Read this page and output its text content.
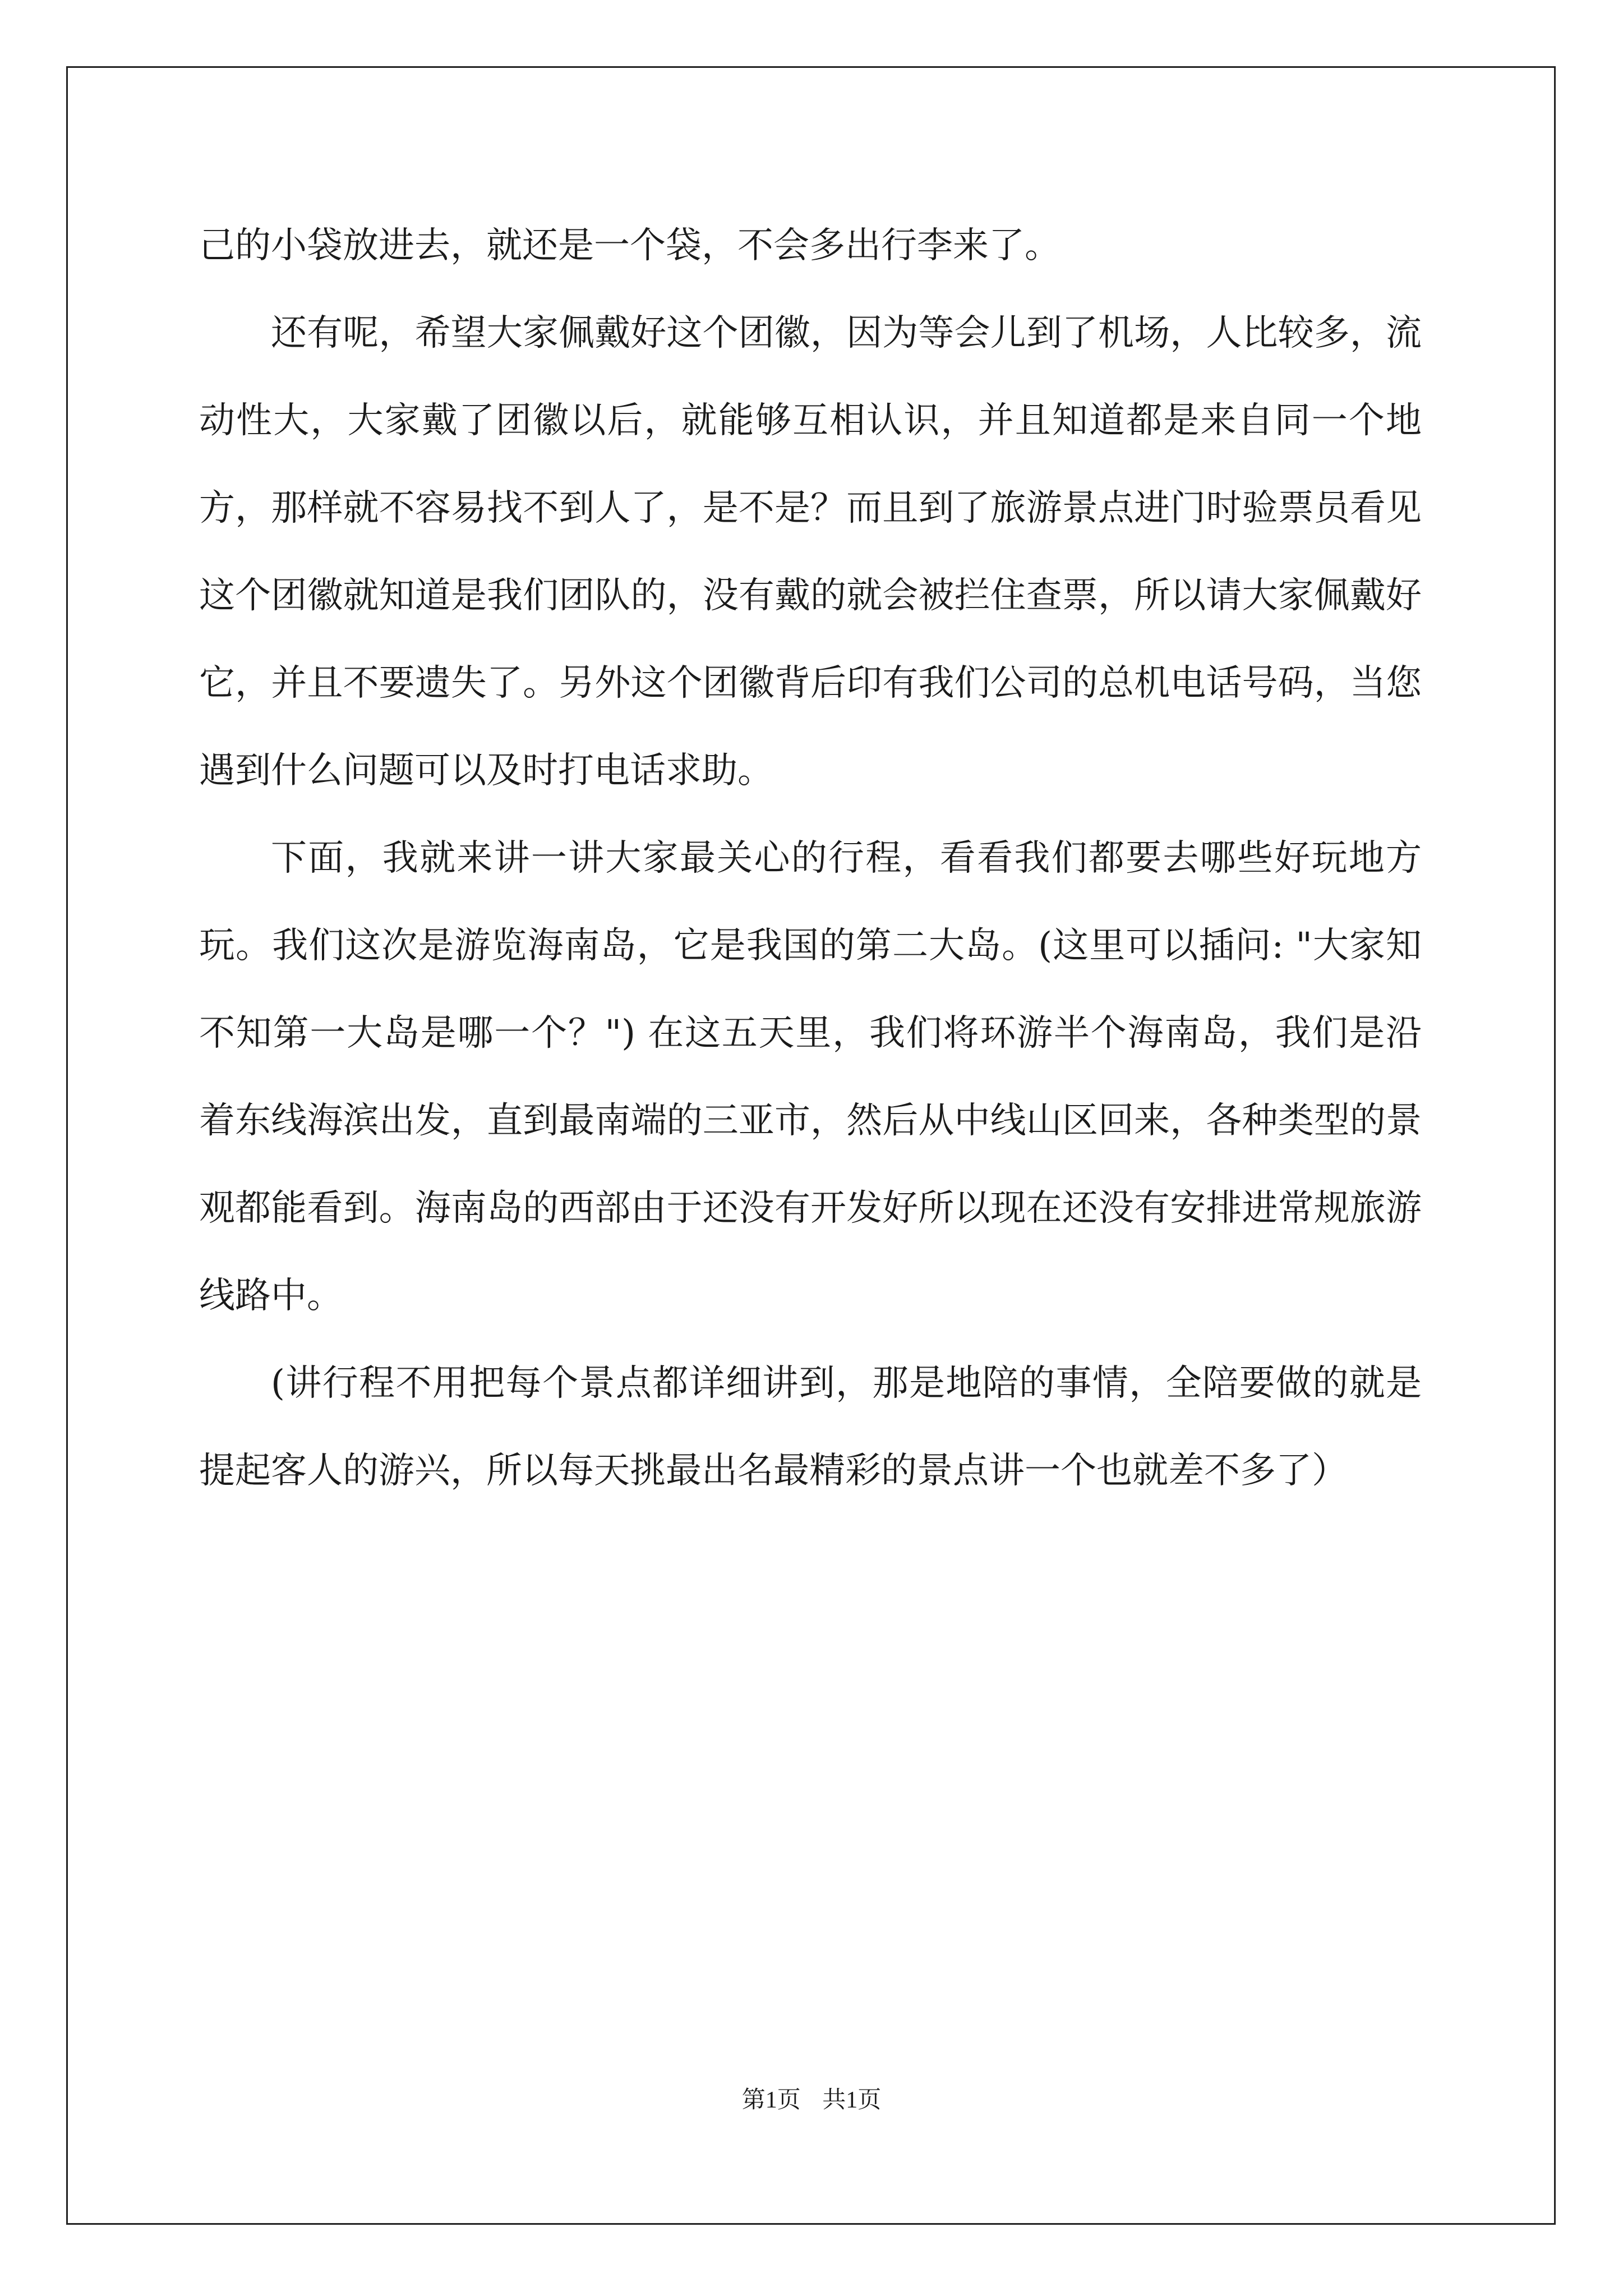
己的小袋放进去，就还是一个袋，不会多出行李来了。

还有呢，希望大家佩戴好这个团徽，因为等会儿到了机场，人比较多，流动性大，大家戴了团徽以后，就能够互相认识，并且知道都是来自同一个地方，那样就不容易找不到人了，是不是？而且到了旅游景点进门时验票员看见这个团徽就知道是我们团队的，没有戴的就会被拦住查票，所以请大家佩戴好它，并且不要遗失了。另外这个团徽背后印有我们公司的总机电话号码，当您遇到什么问题可以及时打电话求助。

下面，我就来讲一讲大家最关心的行程，看看我们都要去哪些好玩地方玩。我们这次是游览海南岛，它是我国的第二大岛。(这里可以插问: "大家知不知第一大岛是哪一个？") 在这五天里，我们将环游半个海南岛，我们是沿着东线海滨出发，直到最南端的三亚市，然后从中线山区回来，各种类型的景观都能看到。海南岛的西部由于还没有开发好所以现在还没有安排进常规旅游线路中。

(讲行程不用把每个景点都详细讲到，那是地陪的事情，全陪要做的就是提起客人的游兴，所以每天挑最出名最精彩的景点讲一个也就差不多了）

第1页 共1页
